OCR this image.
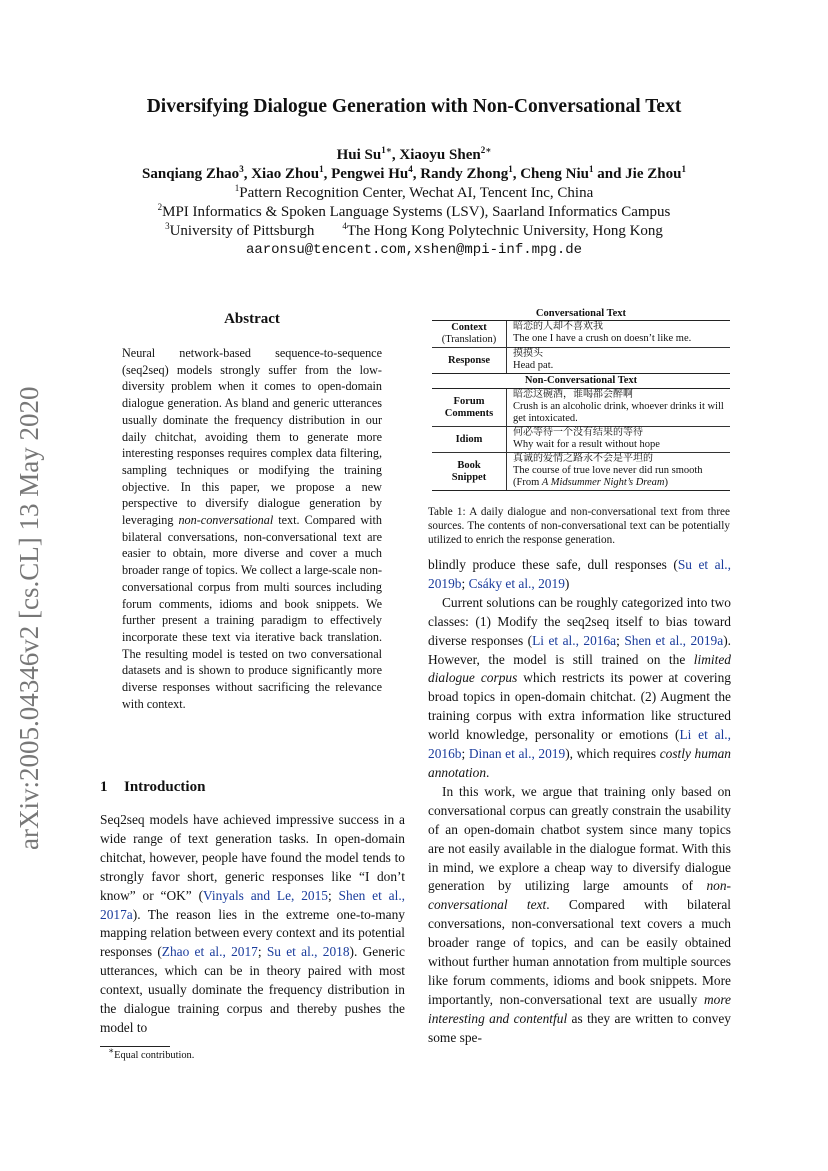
arXiv:2005.04346v2 [cs.CL] 13 May 2020
Diversifying Dialogue Generation with Non-Conversational Text
Hui $Su^{1∗}$, Xiaoyu Shen$^{2∗}$
Sanqiang Zhao$^3$, Xiao Zhou$^1$, Pengwei Hu$^4$, Randy Zhong$^1$, Cheng Niu$^1$ and Jie Zhou$^1$
$^1$Pattern Recognition Center, Wechat AI, Tencent Inc, China
$^2$MPI Informatics & Spoken Language Systems (LSV), Saarland Informatics Campus
$^3$University of Pittsburgh	$^4$The Hong Kong Polytechnic University, Hong Kong
aaronsu@tencent.com,xshen@mpi-inf.mpg.de
Abstract
Neural network-based sequence-to-sequence (seq2seq) models strongly suffer from the low-diversity problem when it comes to open-domain dialogue generation. As bland and generic utterances usually dominate the frequency distribution in our daily chitchat, avoiding them to generate more interesting responses requires complex data filtering, sampling techniques or modifying the training objective. In this paper, we propose a new perspective to diversify dialogue generation by leveraging non-conversational text. Compared with bilateral conversations, non-conversational text are easier to obtain, more diverse and cover a much broader range of topics. We collect a large-scale non-conversational corpus from multi sources including forum comments, idioms and book snippets. We further present a training paradigm to effectively incorporate these text via iterative back translation. The resulting model is tested on two conversational datasets and is shown to produce significantly more diverse responses without sacrificing the relevance with context.
1 Introduction
Seq2seq models have achieved impressive success in a wide range of text generation tasks. In open-domain chitchat, however, people have found the model tends to strongly favor short, generic responses like “I don’t know” or “OK” (Vinyals and Le, 2015; Shen et al., 2017a). The reason lies in the extreme one-to-many mapping relation between every context and its potential responses (Zhao et al., 2017; Su et al., 2018). Generic utterances, which can be in theory paired with most context, usually dominate the frequency distribution in the dialogue training corpus and thereby pushes the model to
∗Equal contribution.
Conversational Text
Context
(Translation)
暗恋的人却不喜欢我
The one I have a crush on doesn’t like me.
Response
摸摸头
Head pat.
Non-Conversational Text
Forum
Comments
暗恋这碗酒，谁喝都会醉啊
Crush is an alcoholic drink, whoever drinks it will get intoxicated.
Idiom
何必等待一个没有结果的等待
Why wait for a result without hope
Book
Snippet
真诚的爱情之路永不会是平坦的
The course of true love never did run smooth
(From A Midsummer Night’s Dream)
Table 1: A daily dialogue and non-conversational text from three sources. The contents of non-conversational text can be potentially utilized to enrich the response generation.

blindly produce these safe, dull responses (Su et al., 2019b; Csáky et al., 2019)

Current solutions can be roughly categorized into two classes: (1) Modify the seq2seq itself to bias toward diverse responses (Li et al., 2016a; Shen et al., 2019a). However, the model is still trained on the limited dialogue corpus which restricts its power at covering broad topics in open-domain chitchat. (2) Augment the training corpus with extra information like structured world knowledge, personality or emotions (Li et al., 2016b; Dinan et al., 2019), which requires costly human annotation.

In this work, we argue that training only based on conversational corpus can greatly constrain the usability of an open-domain chatbot system since many topics are not easily available in the dialogue format. With this in mind, we explore a cheap way to diversify dialogue generation by utilizing large amounts of non-conversational text. Compared with bilateral conversations, non-conversational text covers a much broader range of topics, and can be easily obtained without further human annotation from multiple sources like forum comments, idioms and book snippets. More importantly, non-conversational text are usually more interesting and contentful as they are written to convey some spe-
